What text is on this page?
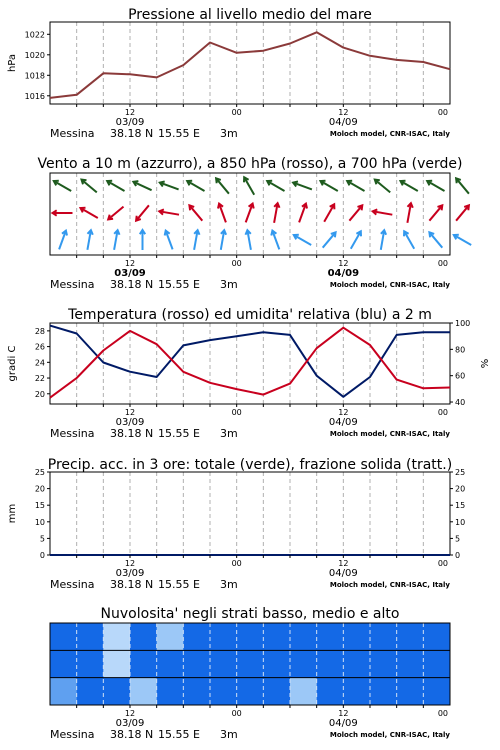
Pressione al livello medio del mare
1016
1018
1020
1022
hPa
12	00	12	00
03/09	04/09
Messina 38.18 N 15.55 E 3m	Moloch model, CNR-ISAC, Italy
Vento a 10 m (azzurro), a 850 hPa (rosso), a 700 hPa (verde)
12	00	12	00
03/09	04/09
Messina 38.18 N 15.55 E 3m	Moloch model, CNR-ISAC, Italy
Temperatura (rosso) ed umidita' relativa (blu) a 2 m
20
22
24
26
28
gradi C
40
60
80
100
%
12	00	12	00
03/09	04/09
Messina 38.18 N 15.55 E 3m	Moloch model, CNR-ISAC, Italy
Precip. acc. in 3 ore: totale (verde), frazione solida (tratt.)
0
5
10
15
20
25
mm
0
5
10
15
20
25
12	00	12	00
03/09	04/09
Messina 38.18 N 15.55 E 3m	Moloch model, CNR-ISAC, Italy
Nuvolosita' negli strati basso, medio e alto
12	00	12	00
03/09	04/09
Messina 38.18 N 15.55 E 3m	Moloch model, CNR-ISAC, Italy
